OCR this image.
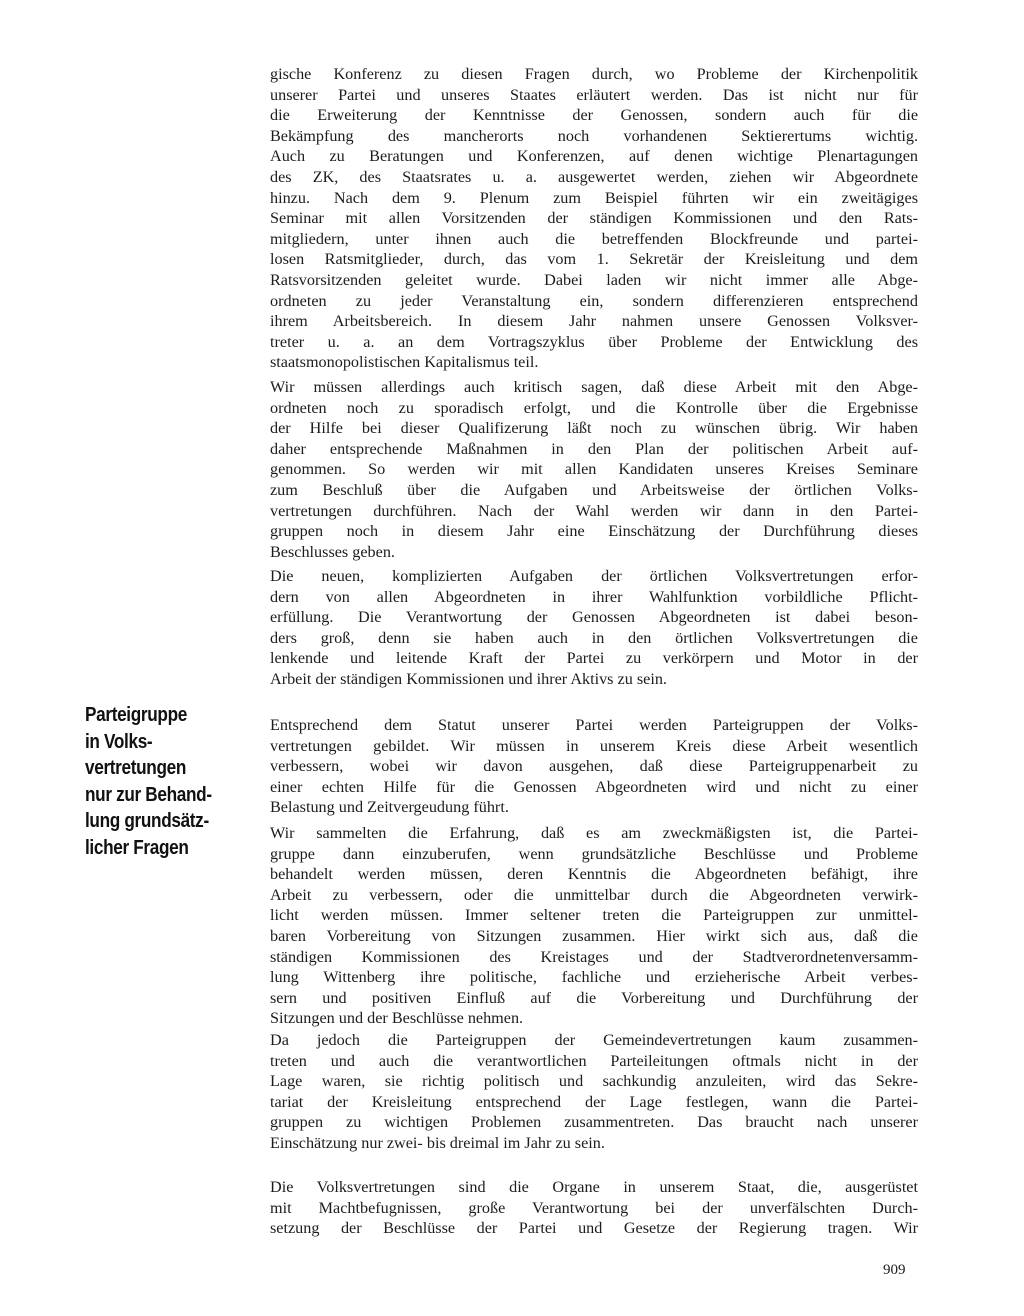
Parteigruppe
in Volks-
vertretungen
nur zur Behand-
lung grundsätz-
licher Fragen
gische Konferenz zu diesen Fragen durch, wo Probleme der Kirchenpolitik
unserer Partei und unseres Staates erläutert werden. Das ist nicht nur für
die Erweiterung der Kenntnisse der Genossen, sondern auch für die
Bekämpfung des mancherorts noch vorhandenen Sektierertums wichtig.
Auch zu Beratungen und Konferenzen, auf denen wichtige Plenartagungen
des ZK, des Staatsrates u. a. ausgewertet werden, ziehen wir Abgeordnete
hinzu. Nach dem 9. Plenum zum Beispiel führten wir ein zweitägiges
Seminar mit allen Vorsitzenden der ständigen Kommissionen und den Rats-
mitgliedern, unter ihnen auch die betreffenden Blockfreunde und partei-
losen Ratsmitglieder, durch, das vom 1. Sekretär der Kreisleitung und dem
Ratsvorsitzenden geleitet wurde. Dabei laden wir nicht immer alle Abge-
ordneten zu jeder Veranstaltung ein, sondern differenzieren entsprechend
ihrem Arbeitsbereich. In diesem Jahr nahmen unsere Genossen Volksver-
treter u. a. an dem Vortragszyklus über Probleme der Entwicklung des
staatsmonopolistischen Kapitalismus teil.
Wir müssen allerdings auch kritisch sagen, daß diese Arbeit mit den Abge-
ordneten noch zu sporadisch erfolgt, und die Kontrolle über die Ergebnisse
der Hilfe bei dieser Qualifizerung läßt noch zu wünschen übrig. Wir haben
daher entsprechende Maßnahmen in den Plan der politischen Arbeit auf-
genommen. So werden wir mit allen Kandidaten unseres Kreises Seminare
zum Beschluß über die Aufgaben und Arbeitsweise der örtlichen Volks-
vertretungen durchführen. Nach der Wahl werden wir dann in den Partei-
gruppen noch in diesem Jahr eine Einschätzung der Durchführung dieses
Beschlusses geben.
Die neuen, komplizierten Aufgaben der örtlichen Volksvertretungen erfor-
dern von allen Abgeordneten in ihrer Wahlfunktion vorbildliche Pflicht-
erfüllung. Die Verantwortung der Genossen Abgeordneten ist dabei beson-
ders groß, denn sie haben auch in den örtlichen Volksvertretungen die
lenkende und leitende Kraft der Partei zu verkörpern und Motor in der
Arbeit der ständigen Kommissionen und ihrer Aktivs zu sein.
Entsprechend dem Statut unserer Partei werden Parteigruppen der Volks-
vertretungen gebildet. Wir müssen in unserem Kreis diese Arbeit wesentlich
verbessern, wobei wir davon ausgehen, daß diese Parteigruppenarbeit zu
einer echten Hilfe für die Genossen Abgeordneten wird und nicht zu einer
Belastung und Zeitvergeudung führt.
Wir sammelten die Erfahrung, daß es am zweckmäßigsten ist, die Partei-
gruppe dann einzuberufen, wenn grundsätzliche Beschlüsse und Probleme
behandelt werden müssen, deren Kenntnis die Abgeordneten befähigt, ihre
Arbeit zu verbessern, oder die unmittelbar durch die Abgeordneten verwirk-
licht werden müssen. Immer seltener treten die Parteigruppen zur unmittel-
baren Vorbereitung von Sitzungen zusammen. Hier wirkt sich aus, daß die
ständigen Kommissionen des Kreistages und der Stadtverordnetenversamm-
lung Wittenberg ihre politische, fachliche und erzieherische Arbeit verbes-
sern und positiven Einfluß auf die Vorbereitung und Durchführung der
Sitzungen und der Beschlüsse nehmen.
Da jedoch die Parteigruppen der Gemeindevertretungen kaum zusammen-
treten und auch die verantwortlichen Parteileitungen oftmals nicht in der
Lage waren, sie richtig politisch und sachkundig anzuleiten, wird das Sekre-
tariat der Kreisleitung entsprechend der Lage festlegen, wann die Partei-
gruppen zu wichtigen Problemen zusammentreten. Das braucht nach unserer
Einschätzung nur zwei- bis dreimal im Jahr zu sein.
Die Volksvertretungen sind die Organe in unserem Staat, die, ausgerüstet
mit Machtbefugnissen, große Verantwortung bei der unverfälschten Durch-
setzung der Beschlüsse der Partei und Gesetze der Regierung tragen. Wir
909
